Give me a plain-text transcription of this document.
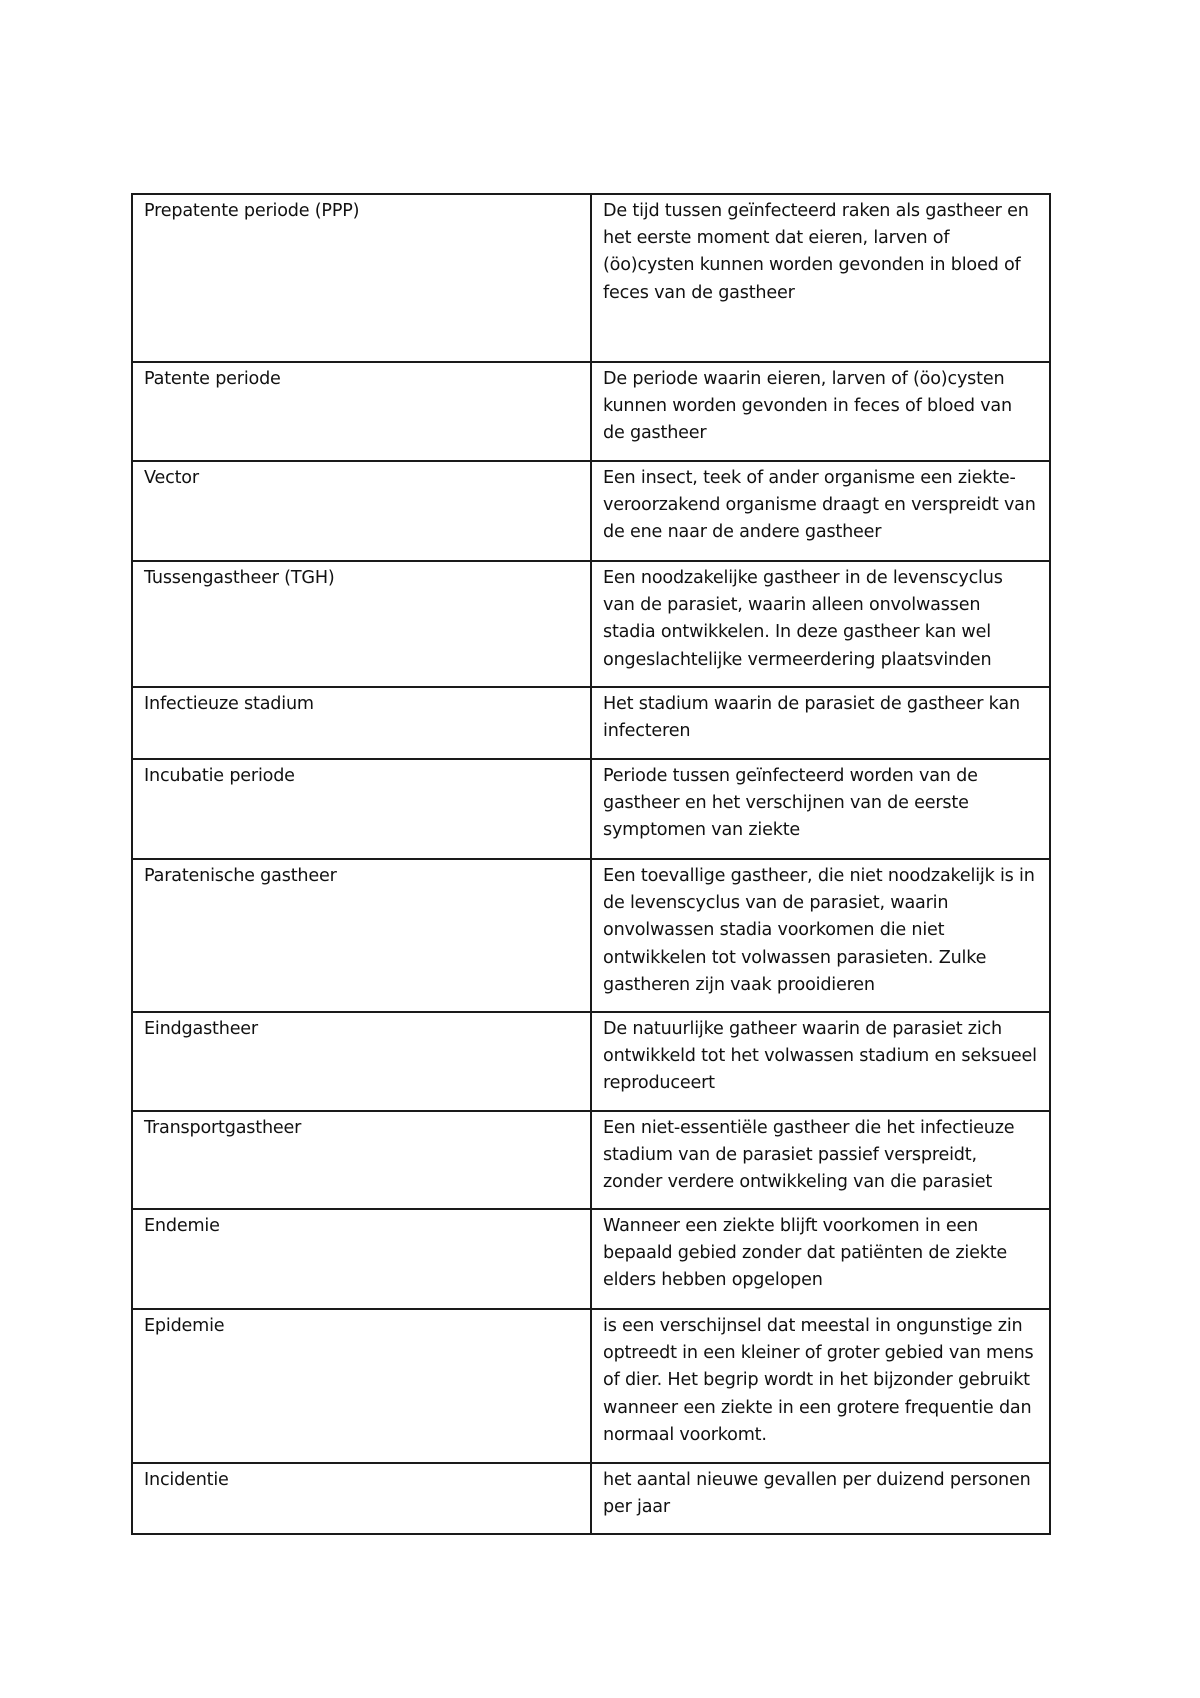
Prepatente periode (PPP)	De tijd tussen geïnfecteerd raken als gastheer en het eerste moment dat eieren, larven of (öo)cysten kunnen worden gevonden in bloed of feces van de gastheer
Patente periode	De periode waarin eieren, larven of (öo)cysten kunnen worden gevonden in feces of bloed van de gastheer
Vector	Een insect, teek of ander organisme een ziekte-veroorzakend organisme draagt en verspreidt van de ene naar de andere gastheer
Tussengastheer (TGH)	Een noodzakelijke gastheer in de levenscyclus van de parasiet, waarin alleen onvolwassen stadia ontwikkelen. In deze gastheer kan wel ongeslachtelijke vermeerdering plaatsvinden
Infectieuze stadium	Het stadium waarin de parasiet de gastheer kan infecteren
Incubatie periode	Periode tussen geïnfecteerd worden van de gastheer en het verschijnen van de eerste symptomen van ziekte
Paratenische gastheer	Een toevallige gastheer, die niet noodzakelijk is in de levenscyclus van de parasiet, waarin onvolwassen stadia voorkomen die niet ontwikkelen tot volwassen parasieten. Zulke gastheren zijn vaak prooidieren
Eindgastheer	De natuurlijke gatheer waarin de parasiet zich ontwikkeld tot het volwassen stadium en seksueel reproduceert
Transportgastheer	Een niet-essentiële gastheer die het infectieuze stadium van de parasiet passief verspreidt, zonder verdere ontwikkeling van die parasiet
Endemie	Wanneer een ziekte blijft voorkomen in een bepaald gebied zonder dat patiënten de ziekte elders hebben opgelopen
Epidemie	is een verschijnsel dat meestal in ongunstige zin optreedt in een kleiner of groter gebied van mens of dier. Het begrip wordt in het bijzonder gebruikt wanneer een ziekte in een grotere frequentie dan normaal voorkomt.
Incidentie	het aantal nieuwe gevallen per duizend personen per jaar
